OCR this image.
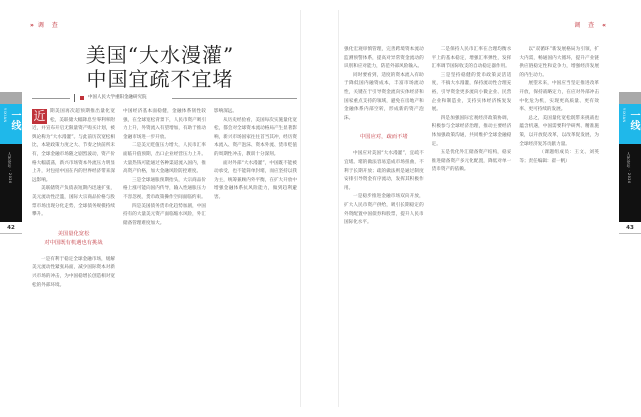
» 调 查
美国“大水漫灌”
中国宜疏不宜堵
中国人民大学重阳金融研究院

近 期美国再次超预期推出量化宽松，美联储大幅降息至零利率附近，并宣布开启无限量资产购买计划，被舆论称为“大水漫灌”。与此前历次宽松相比，本轮政策力度之大、节奏之快前所未有，全球金融市场随之剧烈波动，资产价格大幅震荡，新兴市场资本外流压力明显上升，对包括中国在内的世界经济带来深远影响。

美联储资产负债表短期内迅速扩张，美元流动性泛滥，国际大宗商品价格与股票市场出现分化走势，全球债务规模持续攀升。

美国量化宽松
对中国既有机遇也有挑战

一是有利于稳定全球金融市场，缓解美元流动性紧张局面，减少国际资本对新兴市场的冲击，为中国稳增长创造相对宽松的外部环境。

中国经济基本面稳健，金融体系韧性较强，在全球宽松背景下，人民币资产吸引力上升，外资流入有望增加，有助于推动金融市场进一步开放。

二是美元贬值压力增大，人民币汇率面临升值预期，出口企业经营压力上升。大量热钱可能通过各种渠道流入国内，推高资产价格，加大金融风险防控难度。

三是全球通胀预期抬头，大宗商品价格上涨可能向国内传导，输入性通胀压力不容忽视，货币政策操作空间面临约束。

四是美国债务货币化趋势加剧，中国持有的大量美元资产面临缩水风险，外汇储备管理难度加大。

影响深远。

从历史经验看，美国每次实施量化宽松，都会对全球资本流动格局产生显著影响，新兴市场国家往往首当其冲，经历资本流入、资产泡沫、资本外流、货币贬值的周期性冲击，教训十分深刻。

面对外部“大水漫灌”，中国既不能被动承受，也不能简单封堵，而应坚持以我为主，统筹兼顾内外平衡，在扩大开放中增强金融体系抗风险能力，做到趋利避害。

调 查 «

强化宏观审慎管理，完善跨境资本流动监测预警体系，提高对异常资金流动的识别和应对能力，防范外部风险输入。

同时要看到，适度的资本流入有助于降低国内融资成本，丰富市场流动性，关键在于引导资金流向实体经济和国家重点支持的领域，避免在房地产和金融体系内部空转，形成新的资产泡沫。

中国应对，疏而不堵

中国应对美国“大水漫灌”，宜疏不宜堵。堵的做法容易造成市场扭曲，不利于长期开放；疏的做法则是通过制度安排引导资金有序流动，发挥其积极作用。

一是稳步推进金融市场双向开放，扩大人民币资产供给，吸引长期稳定的外资配置中国债券和股票，提升人民币国际化水平。

二是保持人民币汇率在合理均衡水平上的基本稳定，增强汇率弹性，发挥汇率调节国际收支的自动稳定器作用。

三是坚持稳健的货币政策灵活适度，不搞大水漫灌，保持流动性合理充裕，引导资金更多流向小微企业、民营企业和制造业，支持实体经济恢复发展。

四是加强国际宏观经济政策协调，积极参与全球经济治理，推动主要经济体加强政策沟通，共同维护全球金融稳定。

五是优化外汇储备资产结构，稳妥推进储备资产多元化配置，降低对单一货币资产的依赖。

以“双循环”新发展格局为引领，扩大内需，畅通国内大循环，提升产业链供应链稳定性和竞争力，增强经济发展的内生动力。

展望未来，中国应当坚定推进改革开放，保持战略定力，在应对外部冲击中化危为机，实现更高质量、更有效率、更可持续的发展。

总之，美国量化宽松既带来挑战也蕴含机遇，中国需要科学研判、精准施策，以开放促改革，以改革促发展，为全球经济复苏贡献力量。

（课题组成员：王文、刘英等；责任编辑：翟一帆）

YIXIAN 一线
人民论坛 · 2020
42
YIXIAN 一线
人民论坛 · 2020
43
